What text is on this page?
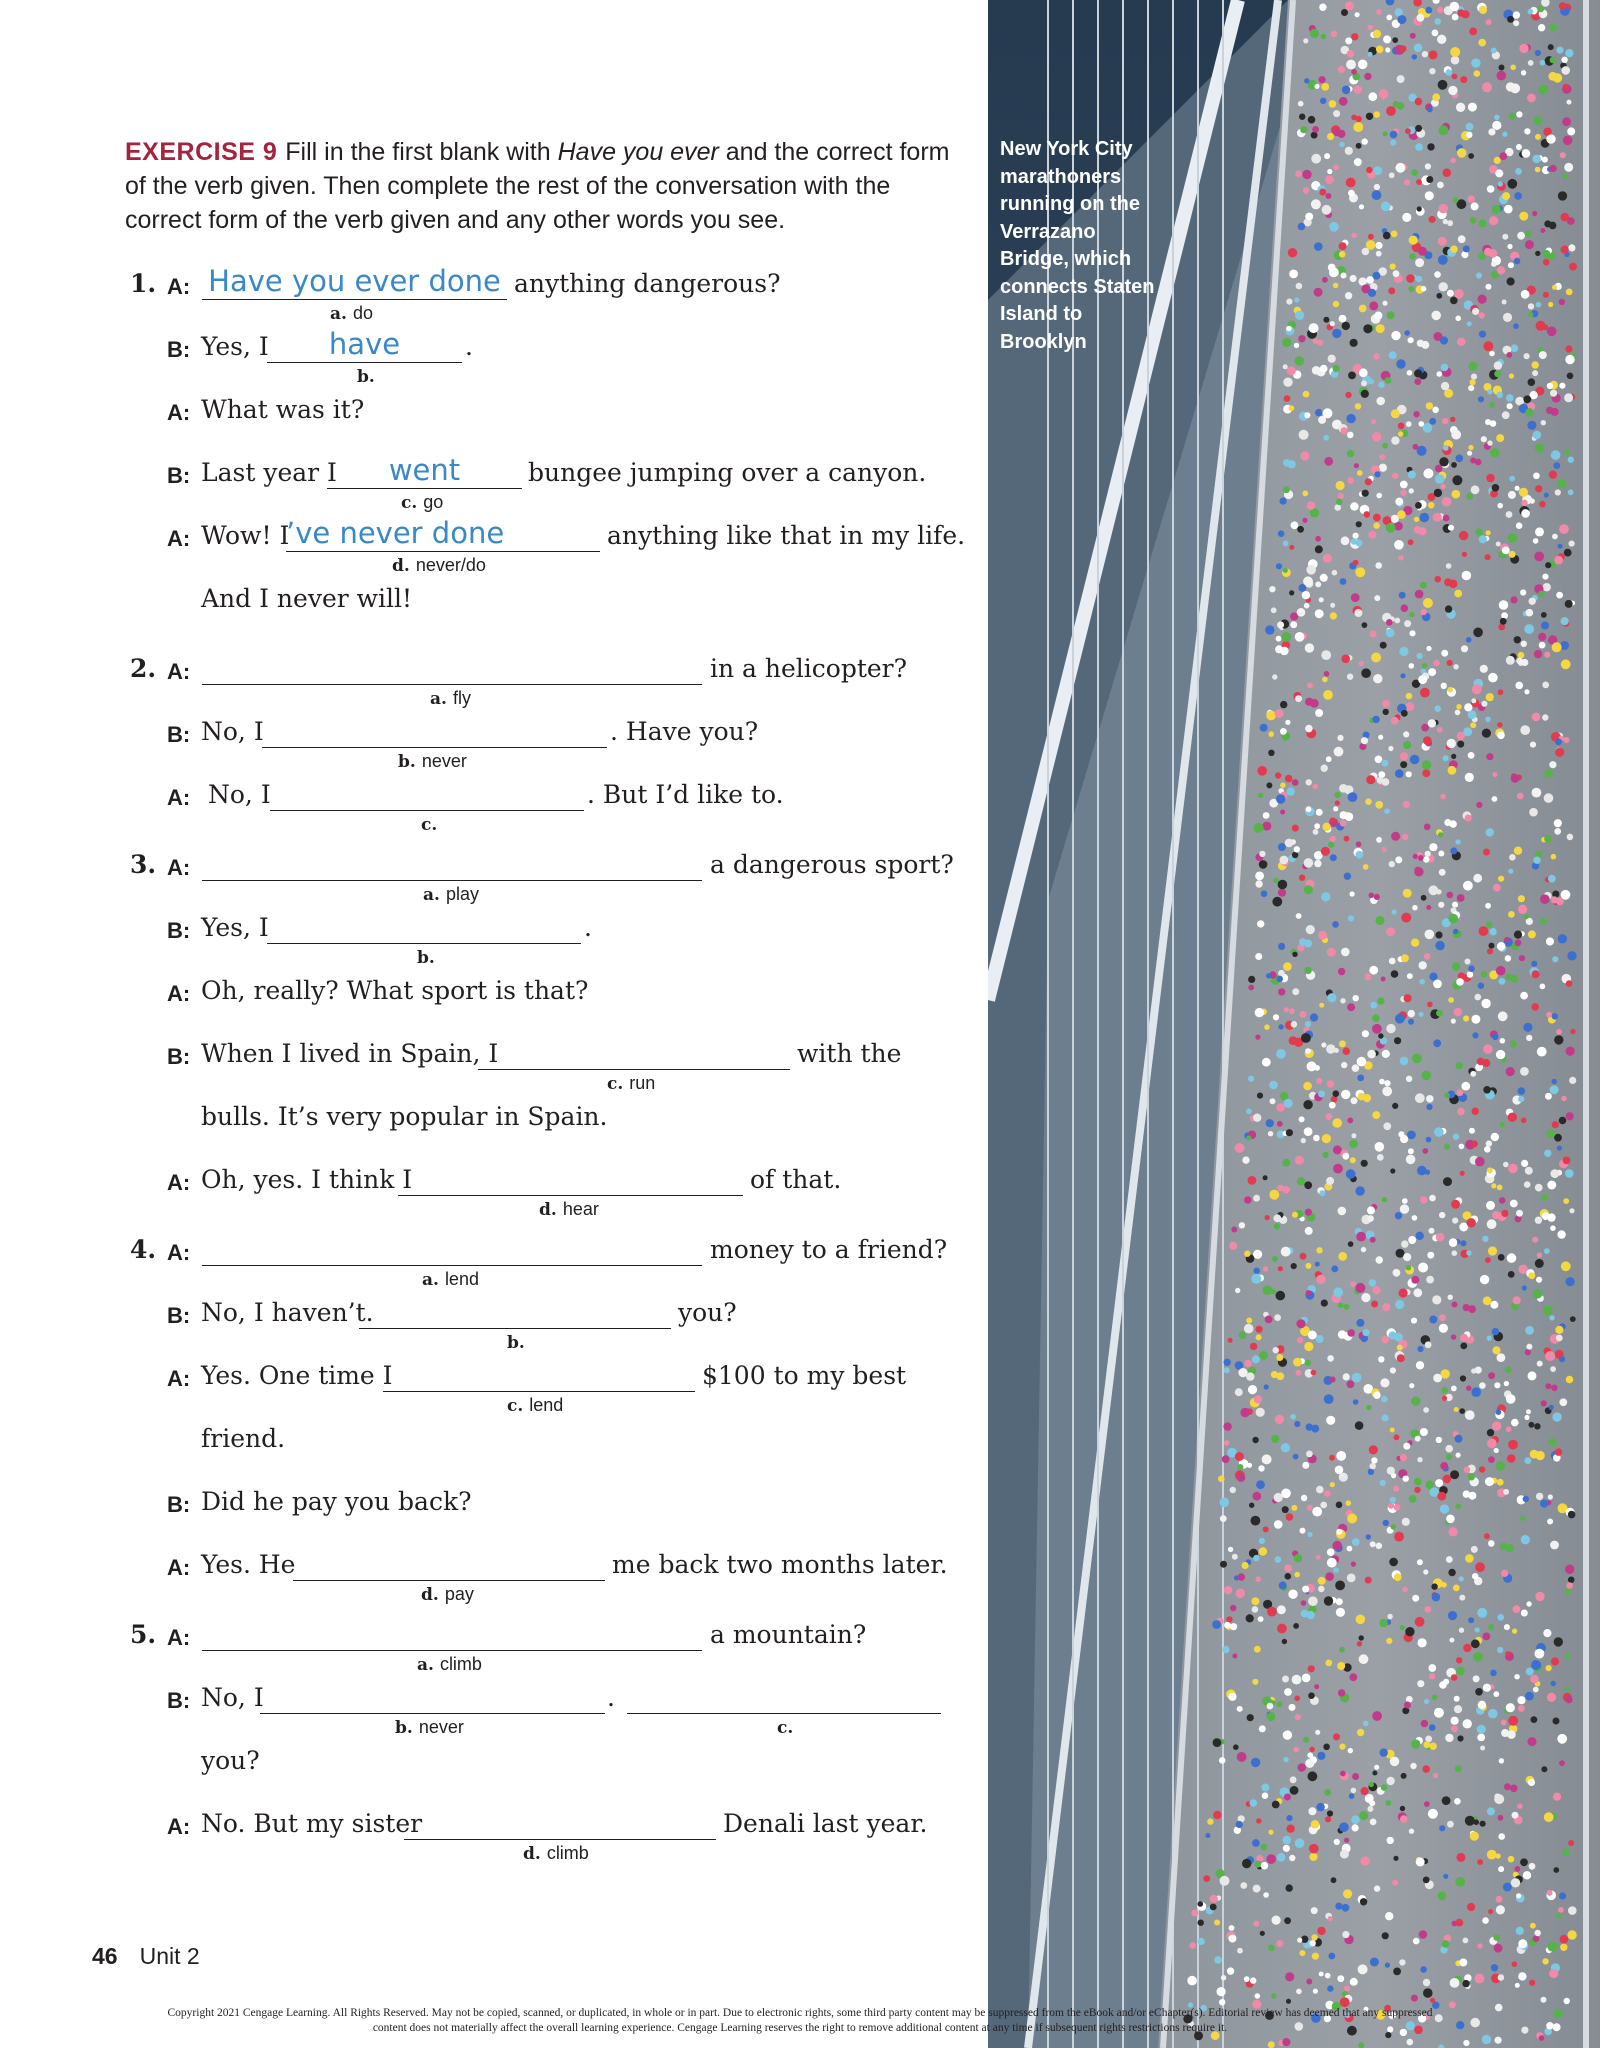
EXERCISE 9 Fill in the first blank with Have you ever and the correct form of the verb given. Then complete the rest of the conversation with the correct form of the verb given and any other words you see.
1. A: Have you ever done anything dangerous?
a. do
B: Yes, I	have	.
b.
A: What was it?
B: Last year I	went	bungee jumping over a canyon.
c. go
A: Wow! I
’ve never done	anything like that in my life.
d. never/do
And I never will!
2. A:	in a helicopter?
a. fly
B: No, I	. Have you?
b. never
A: No, I	. But I’d like to.
c.
3. A:	a dangerous sport?
a. play
B: Yes, I	.
b.
A: Oh, really? What sport is that?
B: When I lived in Spain, I	with the
c. run
bulls. It’s very popular in Spain.
A: Oh, yes. I think I	of that.
d. hear
4. A:	money to a friend?
a. lend
B: No, I haven’t.	you?
b.
A: Yes. One time I	$100 to my best
c. lend
friend.
B: Did he pay you back?
A: Yes. He	me back two months later.
d. pay
5. A:	a mountain?
a. climb
B: No, I	.
b. never	c.
you?
A: No. But my sister	Denali last year.
d. climb
New York City marathoners running on the Verrazano Bridge, which connects Staten Island to Brooklyn
46 Unit 2
Copyright 2021 Cengage Learning. All Rights Reserved. May not be copied, scanned, or duplicated, in whole or in part. Due to electronic rights, some third party content may be suppressed from the eBook and/or eChapter(s). Editorial review has deemed that any suppressed content does not materially affect the overall learning experience. Cengage Learning reserves the right to remove additional content at any time if subsequent rights restrictions require it.
